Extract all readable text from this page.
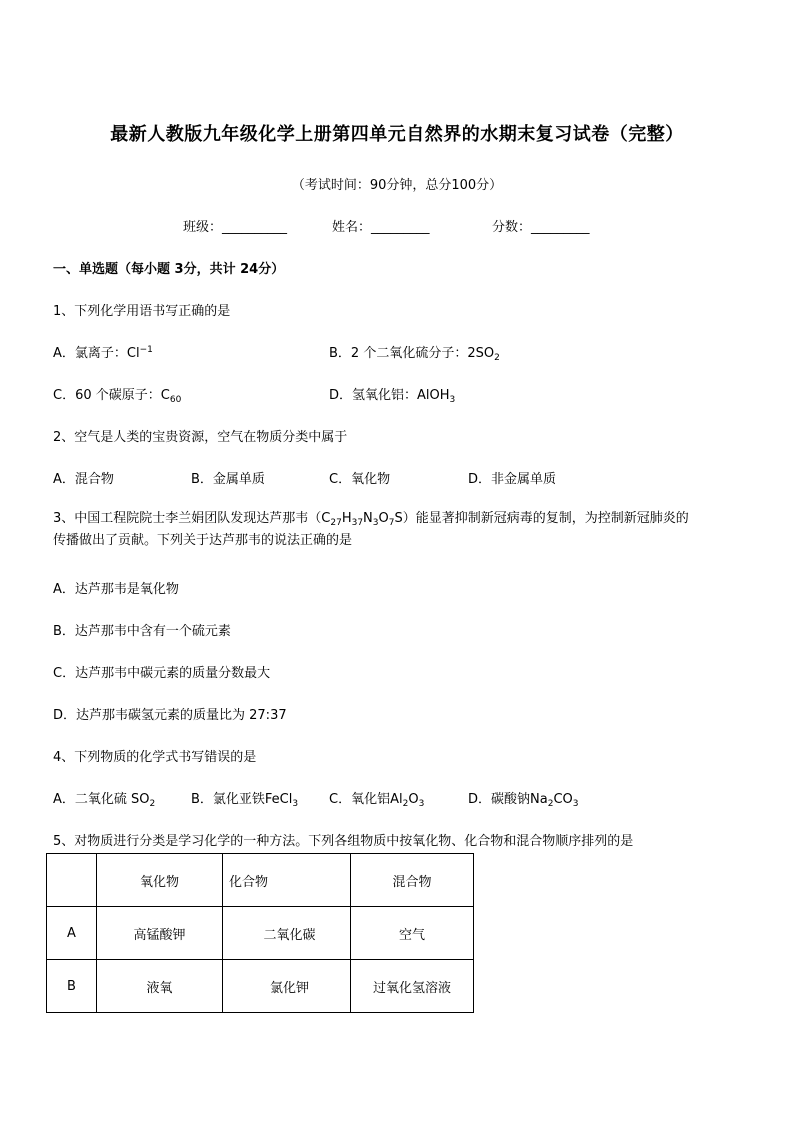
最新人教版九年级化学上册第四单元自然界的水期末复习试卷（完整）
（考试时间：90分钟，总分100分）
班级：__________	姓名：_________	分数：_________
一、单选题（每小题 3分，共计 24分）
1、下列化学用语书写正确的是
A．氯离子：$Cl^{-1}$	B．2 个二氧化硫分子：$2SO_2$
C．60 个碳原子：$C_{60}$	D．氢氧化铝：AlOH$_3$
2、空气是人类的宝贵资源，空气在物质分类中属于
A．混合物	B．金属单质	C．氧化物	D．非金属单质
3、中国工程院院士李兰娟团队发现达芦那韦$(C_{27}H_{37}N_3O_7S)$能显著抑制新冠病毒的复制，为控制新冠肺炎的
传播做出了贡献。下列关于达芦那韦的说法正确的是
A．达芦那韦是氧化物
B．达芦那韦中含有一个硫元素
C．达芦那韦中碳元素的质量分数最大
D．达芦那韦碳氢元素的质量比为 27:37
4、下列物质的化学式书写错误的是
A．二氧化硫 $SO_2$	B．氯化亚铁FeCl$_3$ C．氧化铝$Al_2O_3$	D．碳酸钠$Na_2CO_3$
5、对物质进行分类是学习化学的一种方法。下列各组物质中按氧化物、化合物和混合物顺序排列的是
	氧化物	化合物	混合物
A	高锰酸钾	二氧化碳	空气
B	液氧	氯化钾	过氧化氢溶液
